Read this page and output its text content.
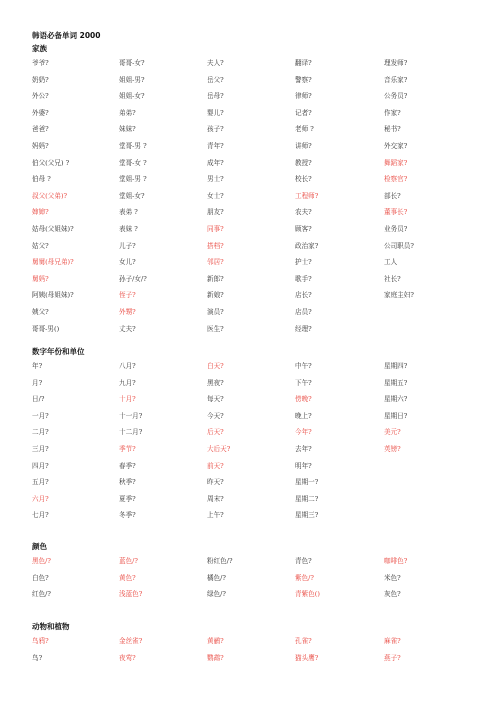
韩语必备单词 2000
家族
爷爷?	哥哥-女?	夫人?	翻译?	理发师?
奶奶?	姐姐-男?	岳父?	警察?	音乐家?
外公?	姐姐-女?	岳母?	律师?	公务员?
外婆?	弟弟?	婴儿?	记者?	作家?
爸爸?	妹妹?	孩子?	老师 ?	秘书?
妈妈?	堂哥-男 ?	青年?	讲师?	外交家?
伯父(父兄) ?	堂哥-女 ?	成年?	教授?	舞蹈家?
伯母 ?	堂姐-男 ?	男士?	校长?	检察官?
叔父(父弟)?	堂姐-女?	女士?	工程师?	部长?
婶婶?	表弟 ?	朋友?	农夫?	董事长?
姑母(父姐妹)?	表妹 ?	同事?	顾客?	业务员?
姑父?	儿子?	搭档?	政治家?	公司职员?
舅舅(母兄弟)?	女儿?	邻居?	护士?	工人
舅妈?	孙子/女/?	新郎?	歌手?	社长?
阿姨(母姐妹)?	侄子?	新娘?	店长?	家庭主妇?
姨父?	外甥?	演员?	店员?
哥哥-男()	丈夫?	医生?	经理?
数字年份和单位
年?	八月?	白天?	中午?	星期四?
月?	九月?	黑夜?	下午?	星期五?
日/?	十月?	每天?	傍晚?	星期六?
一月?	十一月?	今天?	晚上?	星期日?
二月?	十二月?	后天?	今年?	美元?
三月?	季节?	大后天?	去年?	英镑?
四月?	春季?	前天?	明年?
五月?	秋季?	昨天?	星期一?
六月?	夏季?	周末?	星期二?
七月?	冬季?	上午?	星期三?
颜色
黑色/?	蓝色/?	粉红色/?	青色?	咖啡色?
白色?	黄色?	橘色/?	紫色/?	米色?
红色/?	浅蓝色?	绿色/?	青紫色()	灰色?
动物和植物
鸟鸦?	金丝雀?	黄鹂?	孔雀?	麻雀?
鸟?	夜莺?	鹦鹉?	猫头鹰?	燕子?
